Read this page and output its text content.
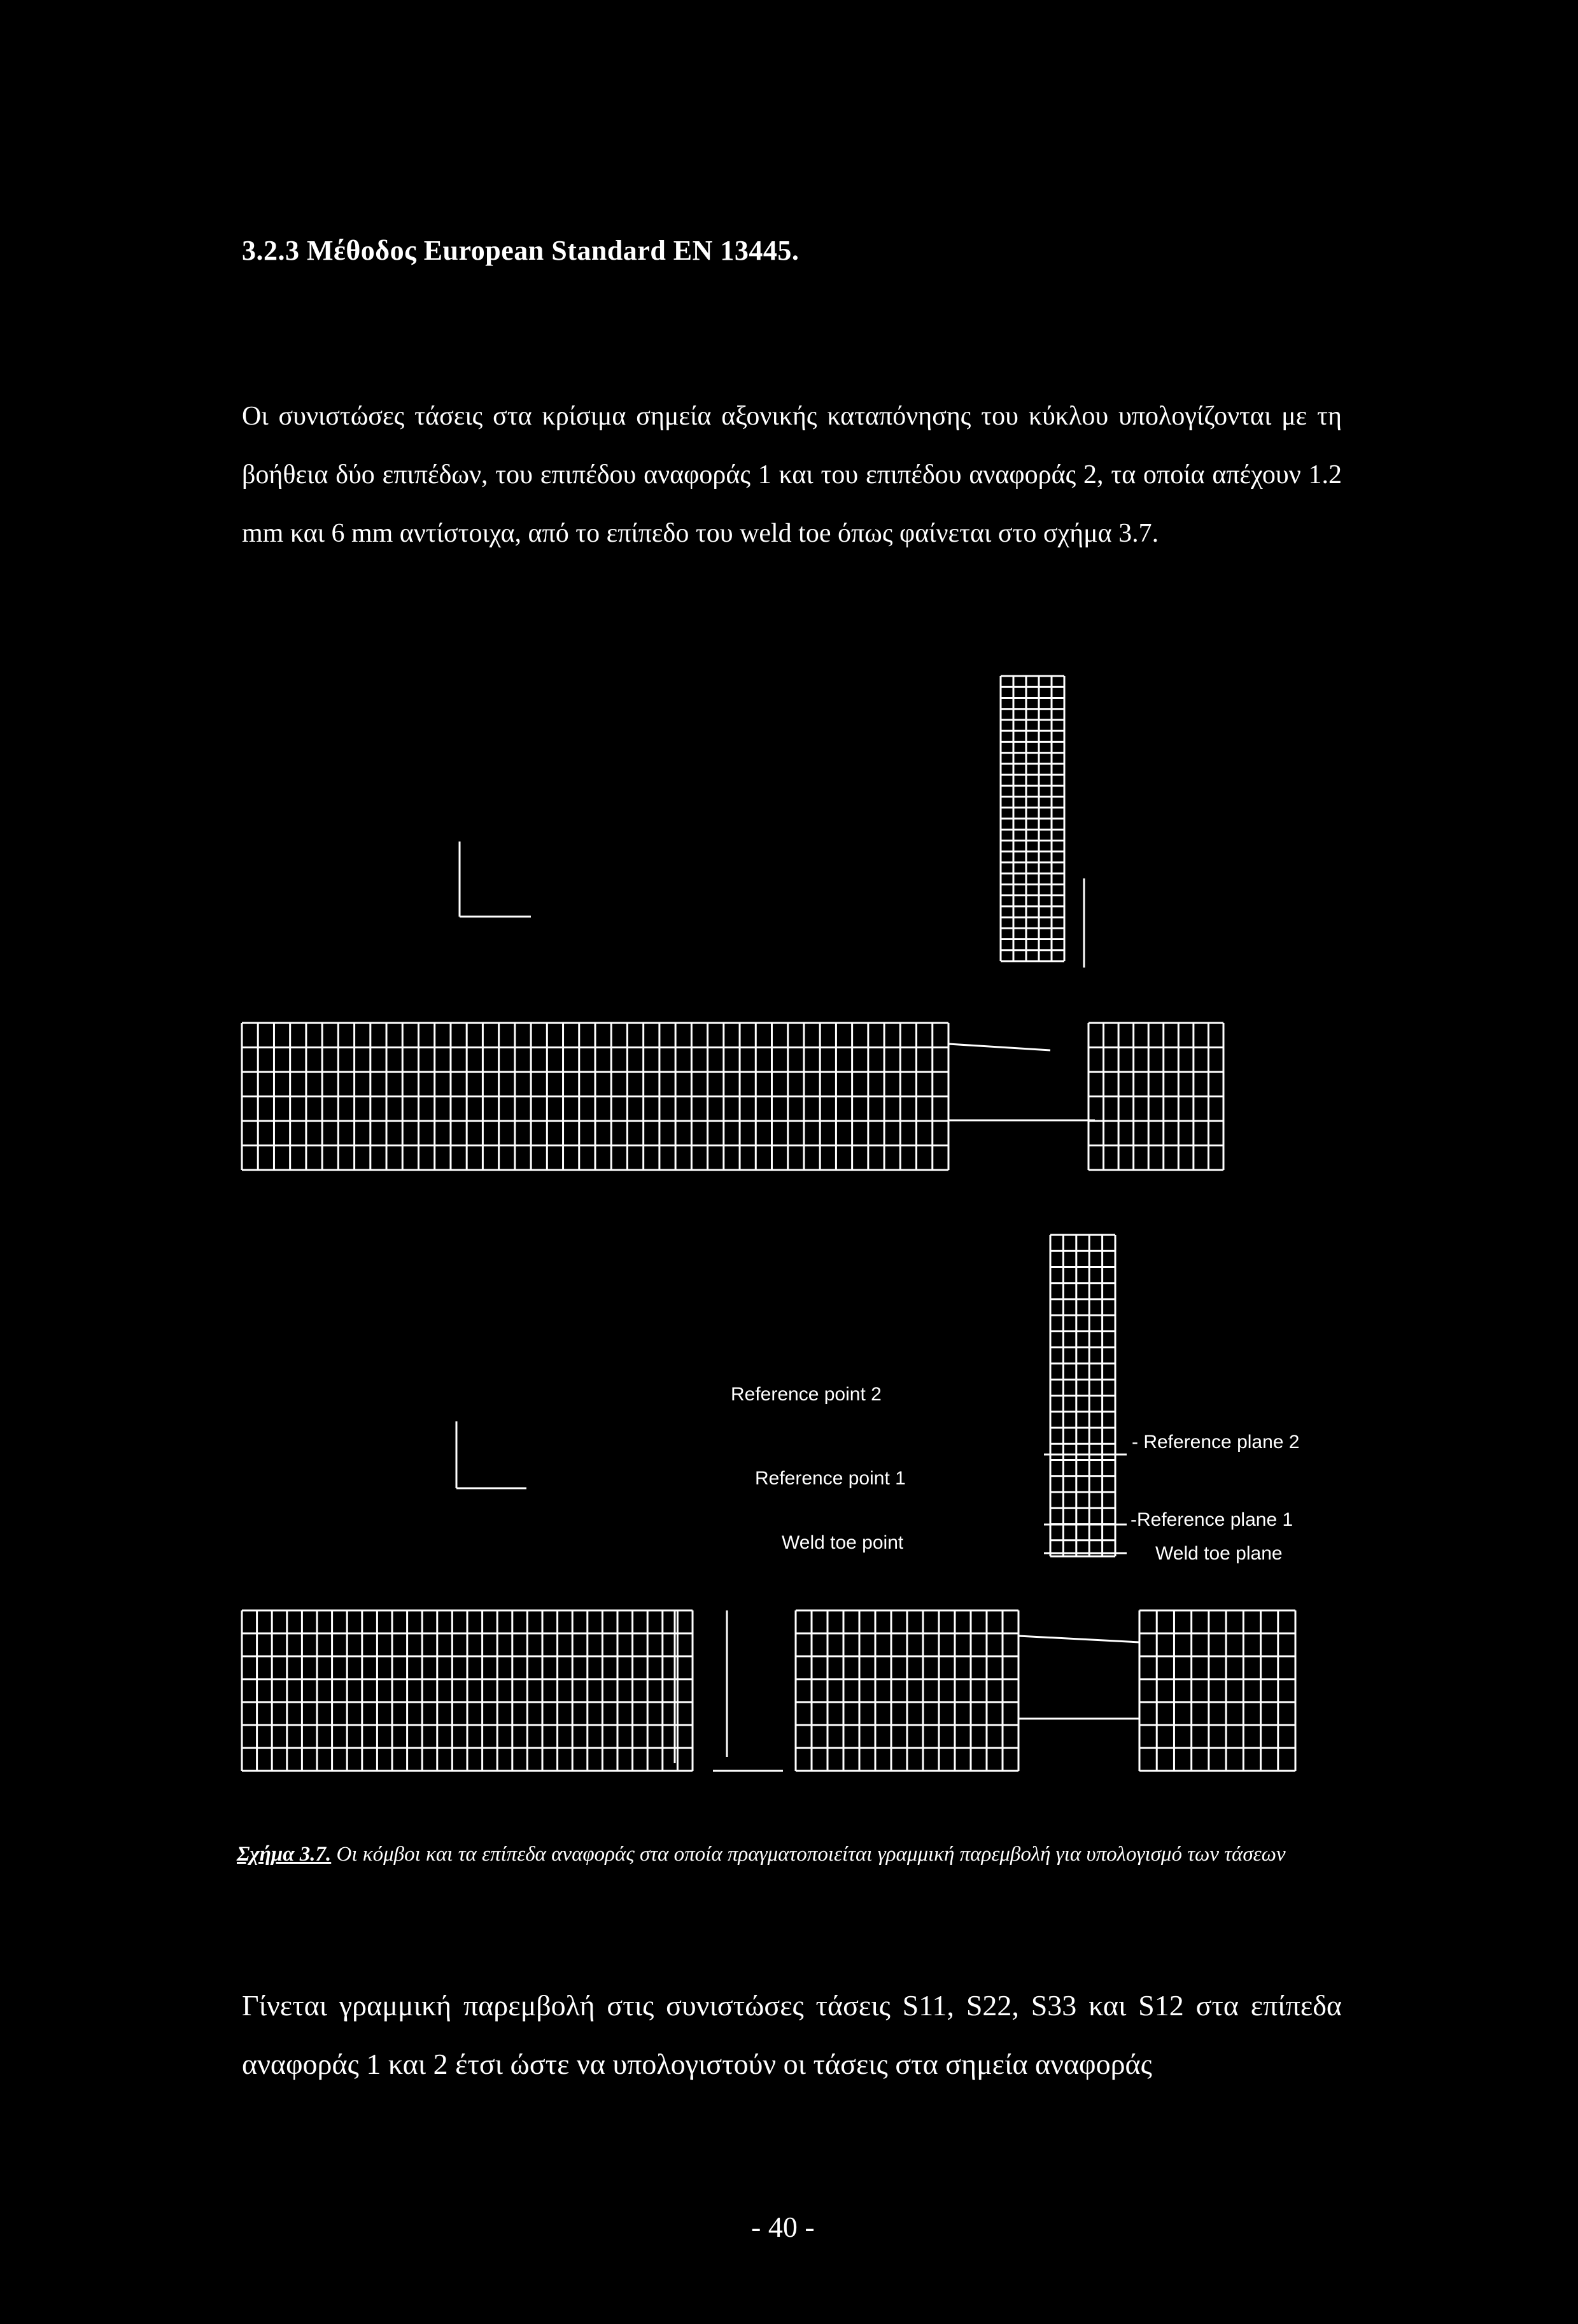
3.2.3 Μέθοδος European Standard EN 13445.
Οι συνιστώσες τάσεις στα κρίσιμα σημεία αξονικής καταπόνησης του κύκλου υπολογίζονται με τη βοήθεια δύο επιπέδων, του επιπέδου αναφοράς 1 και του επιπέδου αναφοράς 2, τα οποία απέχουν 1.2 mm και 6 mm αντίστοιχα, από το επίπεδο του weld toe όπως φαίνεται στο σχήμα 3.7.
Reference point 2
Reference point 1
Weld toe point
- Reference plane 2
-Reference plane 1
Weld toe plane
Σχήμα 3.7. Οι κόμβοι και τα επίπεδα αναφοράς στα οποία πραγματοποιείται γραμμική παρεμβολή για υπολογισμό των τάσεων
Γίνεται γραμμική παρεμβολή στις συνιστώσες τάσεις S11, S22, S33 και S12 στα επίπεδα αναφοράς 1 και 2 έτσι ώστε να υπολογιστούν οι τάσεις στα σημεία αναφοράς
- 40 -
